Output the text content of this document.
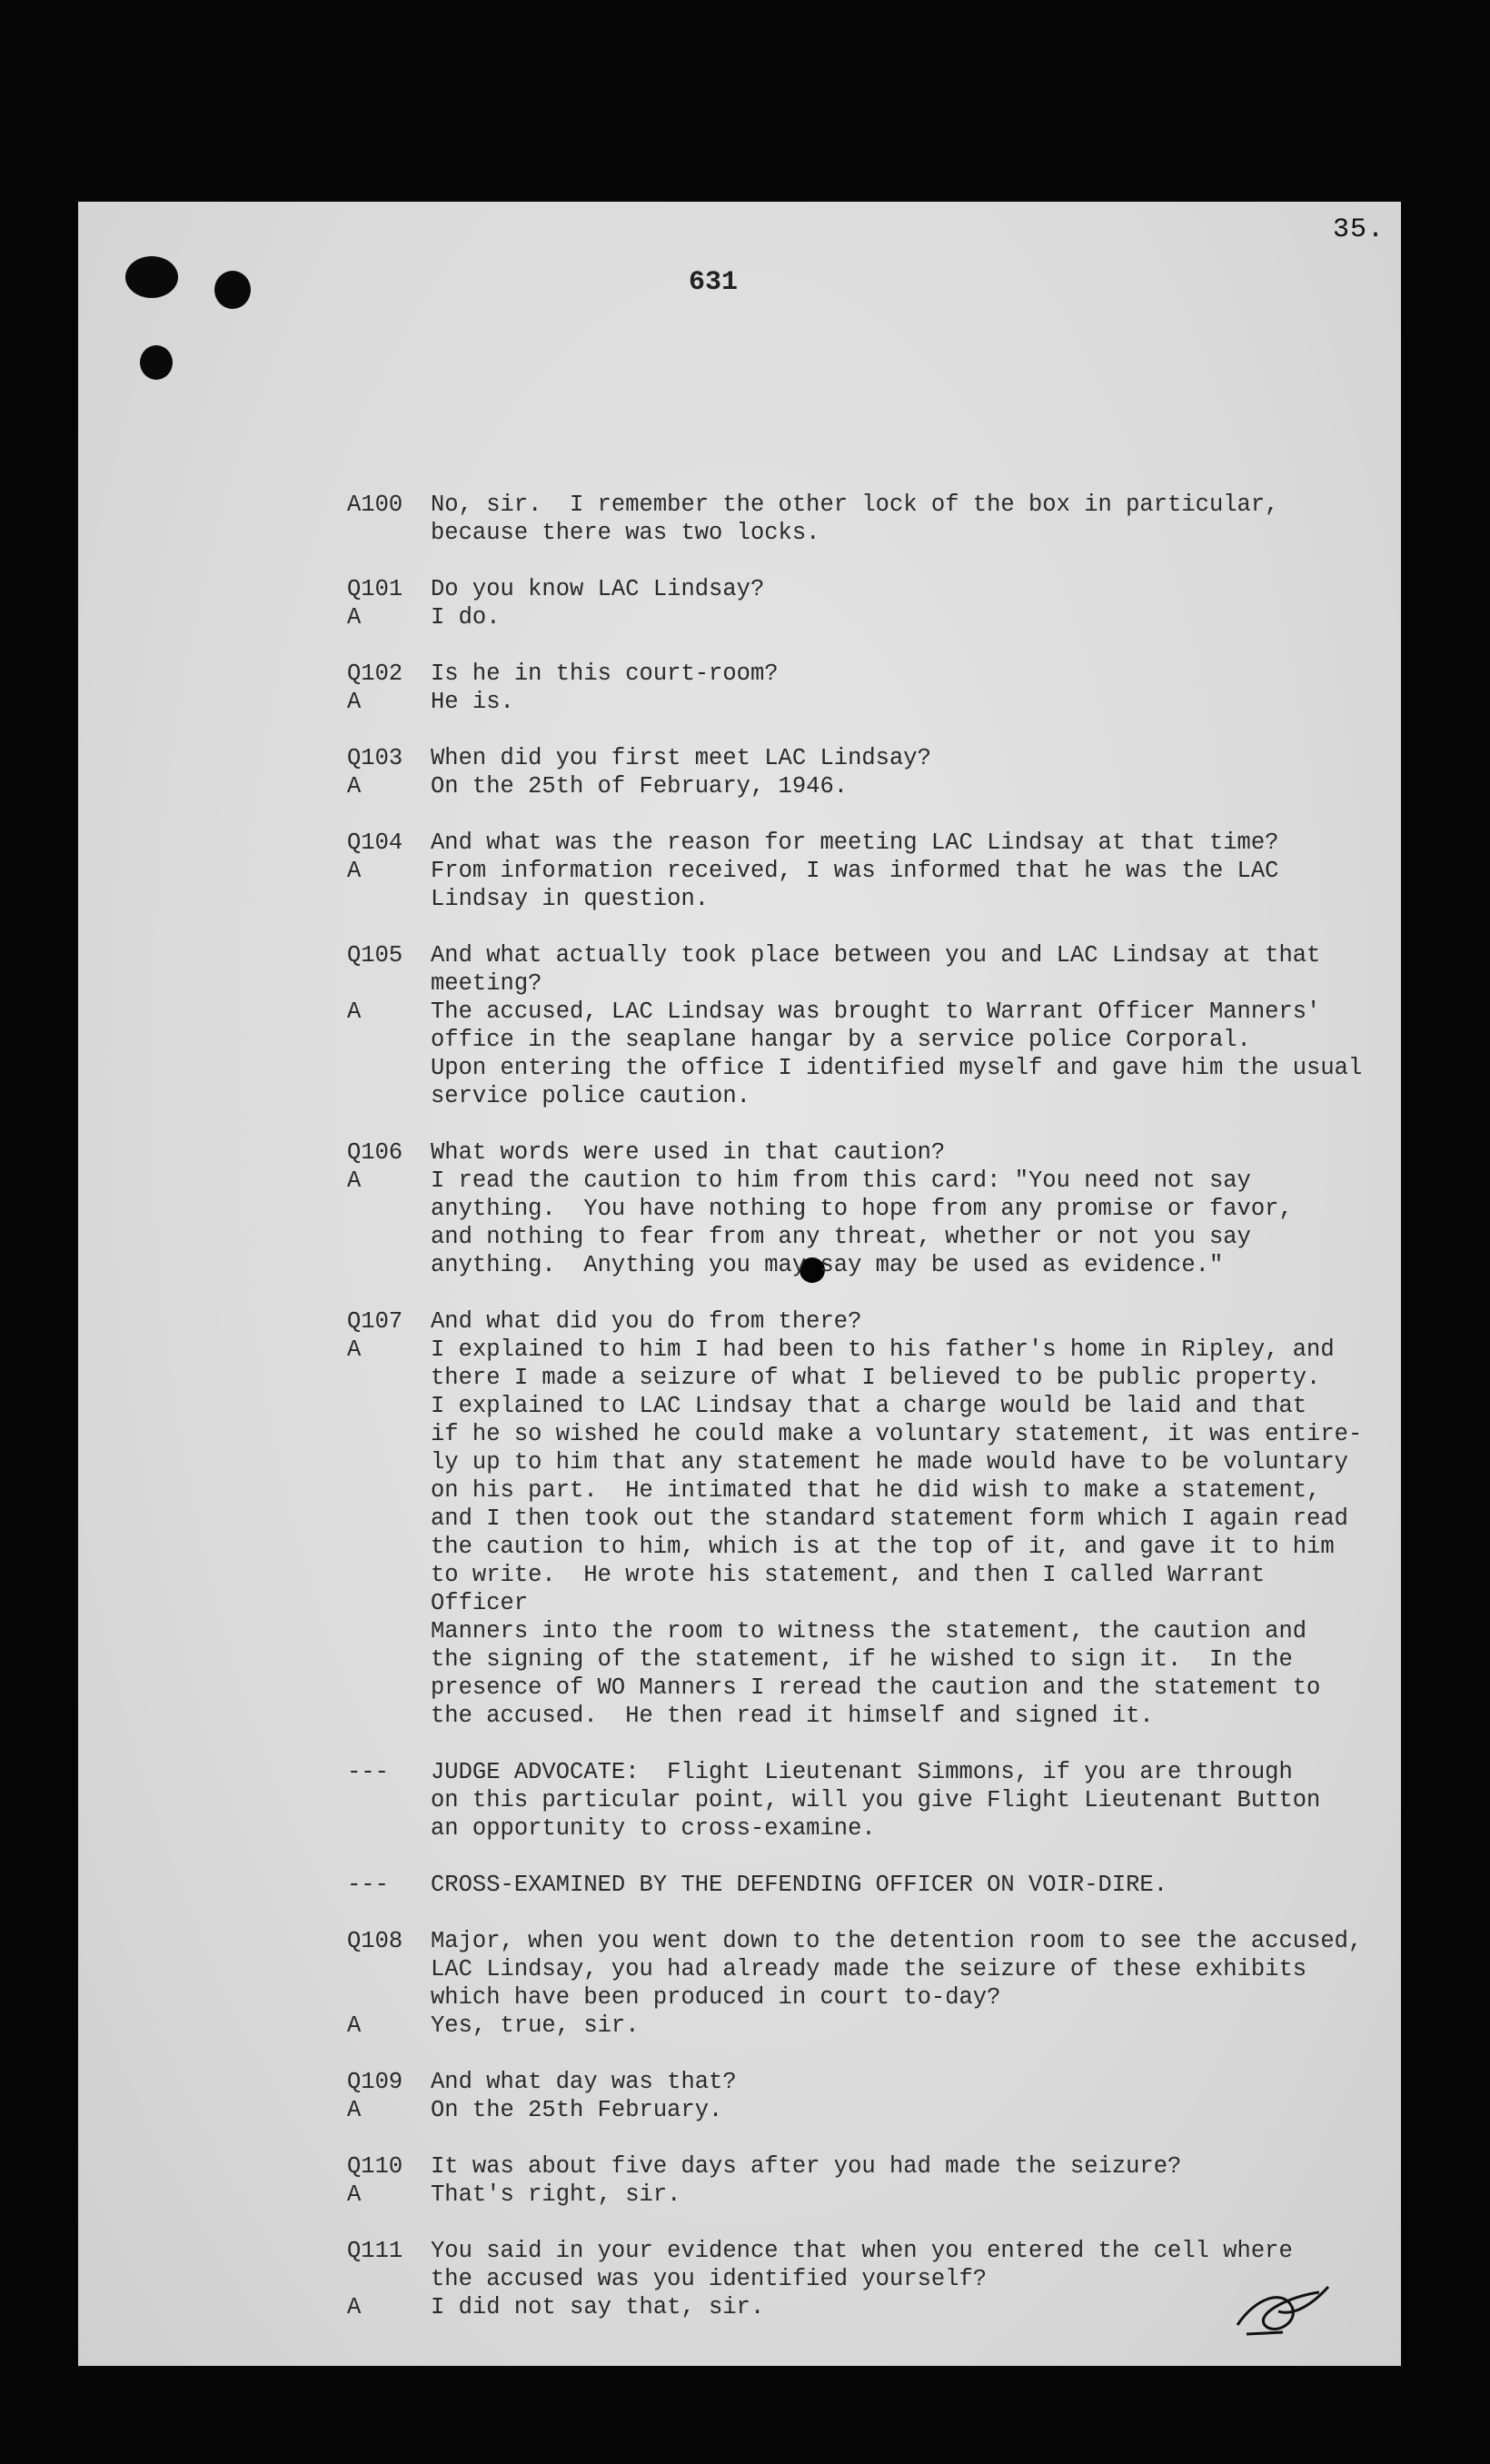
35.
631
A100	No, sir.  I remember the other lock of the box in particular,
because there was two locks.
Q101	Do you know LAC Lindsay?
A	I do.
Q102	Is he in this court-room?
A	He is.
Q103	When did you first meet LAC Lindsay?
A	On the 25th of February, 1946.
Q104	And what was the reason for meeting LAC Lindsay at that time?
A	From information received, I was informed that he was the LAC
Lindsay in question.
Q105	And what actually took place between you and LAC Lindsay at that
meeting?
A	The accused, LAC Lindsay was brought to Warrant Officer Manners'
office in the seaplane hangar by a service police Corporal.
Upon entering the office I identified myself and gave him the usual
service police caution.
Q106	What words were used in that caution?
A	I read the caution to him from this card: "You need not say
anything.  You have nothing to hope from any promise or favor,
and nothing to fear from any threat, whether or not you say
anything.  Anything you may say may be used as evidence."
Q107	And what did you do from there?
A	I explained to him I had been to his father's home in Ripley, and
there I made a seizure of what I believed to be public property.
I explained to LAC Lindsay that a charge would be laid and that
if he so wished he could make a voluntary statement, it was entire-
ly up to him that any statement he made would have to be voluntary
on his part.  He intimated that he did wish to make a statement,
and I then took out the standard statement form which I again read
the caution to him, which is at the top of it, and gave it to him
to write.  He wrote his statement, and then I called Warrant Officer
Manners into the room to witness the statement, the caution and
the signing of the statement, if he wished to sign it.  In the
presence of WO Manners I reread the caution and the statement to
the accused.  He then read it himself and signed it.
---	JUDGE ADVOCATE:  Flight Lieutenant Simmons, if you are through
on this particular point, will you give Flight Lieutenant Button
an opportunity to cross-examine.
---	CROSS-EXAMINED BY THE DEFENDING OFFICER ON VOIR-DIRE.
Q108	Major, when you went down to the detention room to see the accused,
LAC Lindsay, you had already made the seizure of these exhibits
which have been produced in court to-day?
A	Yes, true, sir.
Q109	And what day was that?
A	On the 25th February.
Q110	It was about five days after you had made the seizure?
A	That's right, sir.
Q111	You said in your evidence that when you entered the cell where
the accused was you identified yourself?
A	I did not say that, sir.
